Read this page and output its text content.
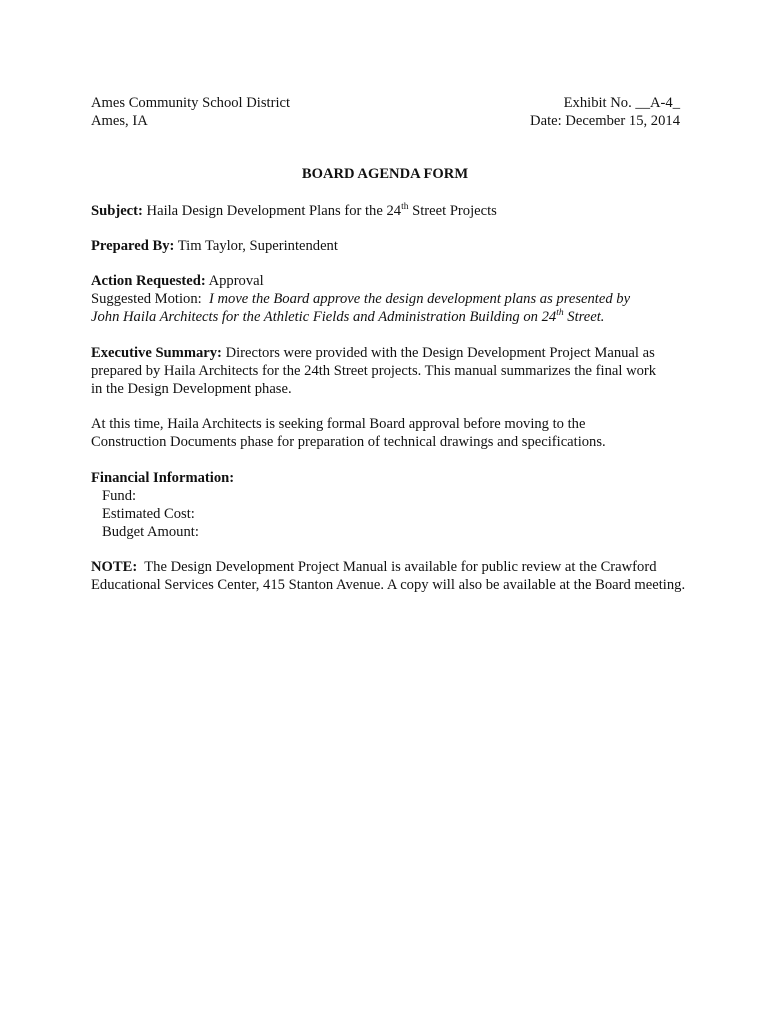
Ames Community School District
Ames, IA
Exhibit No. __A-4_
Date: December 15, 2014
BOARD AGENDA FORM
Subject: Haila Design Development Plans for the 24th Street Projects
Prepared By: Tim Taylor, Superintendent
Action Requested: Approval
Suggested Motion: I move the Board approve the design development plans as presented by
John Haila Architects for the Athletic Fields and Administration Building on 24th Street.
Executive Summary: Directors were provided with the Design Development Project Manual as
prepared by Haila Architects for the 24th Street projects. This manual summarizes the final work
in the Design Development phase.
At this time, Haila Architects is seeking formal Board approval before moving to the
Construction Documents phase for preparation of technical drawings and specifications.
Financial Information:
Fund:
Estimated Cost:
Budget Amount:
NOTE: The Design Development Project Manual is available for public review at the Crawford
Educational Services Center, 415 Stanton Avenue. A copy will also be available at the Board meeting.
